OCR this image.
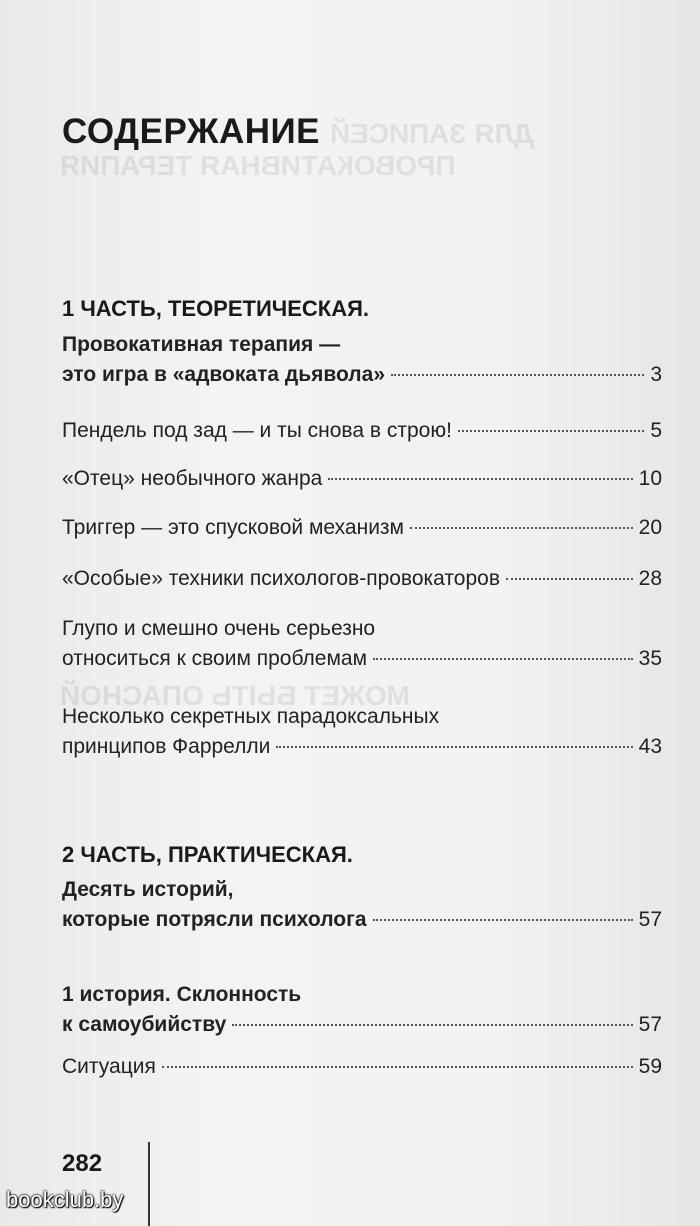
ДЛЯ ЗАПИСЕЙ
ПРОВОКАТИВНАЯ ТЕРАПИЯ
МОЖЕТ БЫТЬ ОПАСНОЙ
СОДЕРЖАНИЕ
1 ЧАСТЬ, ТЕОРЕТИЧЕСКАЯ.
Провокативная терапия —
это игра в «адвоката дьявола»	3
Пендель под зад — и ты снова в строю!	5
«Отец» необычного жанра	10
Триггер — это спусковой механизм	20
«Особые» техники психологов-провокаторов	28
Глупо и смешно очень серьезно
относиться к своим проблемам	35
Несколько секретных парадоксальных
принципов Фаррелли	43
2 ЧАСТЬ, ПРАКТИЧЕСКАЯ.
Десять историй,
которые потрясли психолога	57
1 история. Склонность
к самоубийству	57
Ситуация	59
282
bookclub.by
